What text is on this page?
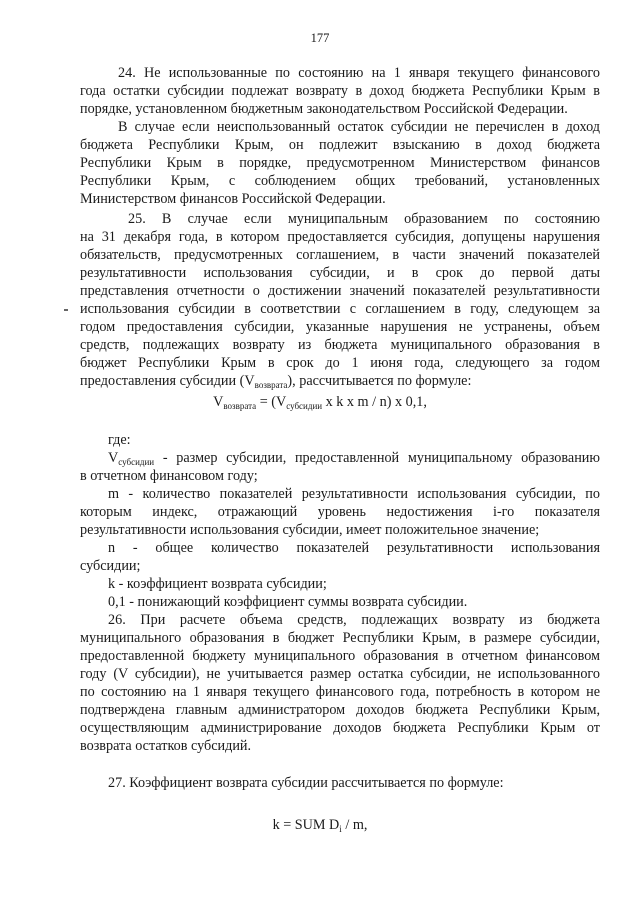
177
24. Не использованные по состоянию на 1 января текущего финансового
года остатки субсидии подлежат возврату в доход бюджета Республики Крым в
порядке, установленном бюджетным законодательством Российской Федерации.
В случае если неиспользованный остаток субсидии не перечислен в доход
бюджета Республики Крым, он подлежит взысканию в доход бюджета
Республики Крым в порядке, предусмотренном Министерством финансов
Республики Крым, с соблюдением общих требований, установленных
Министерством финансов Российской Федерации.
25. В случае если муниципальным образованием по состоянию
на 31 декабря года, в котором предоставляется субсидия, допущены нарушения
обязательств, предусмотренных соглашением, в части значений показателей
результативности использования субсидии, и в срок до первой даты
представления отчетности о достижении значений показателей результативности
использования субсидии в соответствии с соглашением в году, следующем за
годом предоставления субсидии, указанные нарушения не устранены, объем
средств, подлежащих возврату из бюджета муниципального образования в
бюджет Республики Крым в срок до 1 июня года, следующего за годом
предоставления субсидии $(V_{возврата})$, рассчитывается по формуле:
$V_{возврата} = (V_{субсидии}$ x k x m / n) x 0,1,
где:
$V_{субсидии}$ - размер субсидии, предоставленной муниципальному образованию
в отчетном финансовом году;
m - количество показателей результативности использования субсидии, по
которым индекс, отражающий уровень недостижения i-го показателя
результативности использования субсидии, имеет положительное значение;
n - общее количество показателей результативности использования
субсидии;
k - коэффициент возврата субсидии;
0,1 - понижающий коэффициент суммы возврата субсидии.
26. При расчете объема средств, подлежащих возврату из бюджета
муниципального образования в бюджет Республики Крым, в размере субсидии,
предоставленной бюджету муниципального образования в отчетном финансовом
году (V субсидии), не учитывается размер остатка субсидии, не использованного
по состоянию на 1 января текущего финансового года, потребность в котором не
подтверждена главным администратором доходов бюджета Республики Крым,
осуществляющим администрирование доходов бюджета Республики Крым от
возврата остатков субсидий.
27. Коэффициент возврата субсидии рассчитывается по формуле:
k = SUM $D_i$ / m,
